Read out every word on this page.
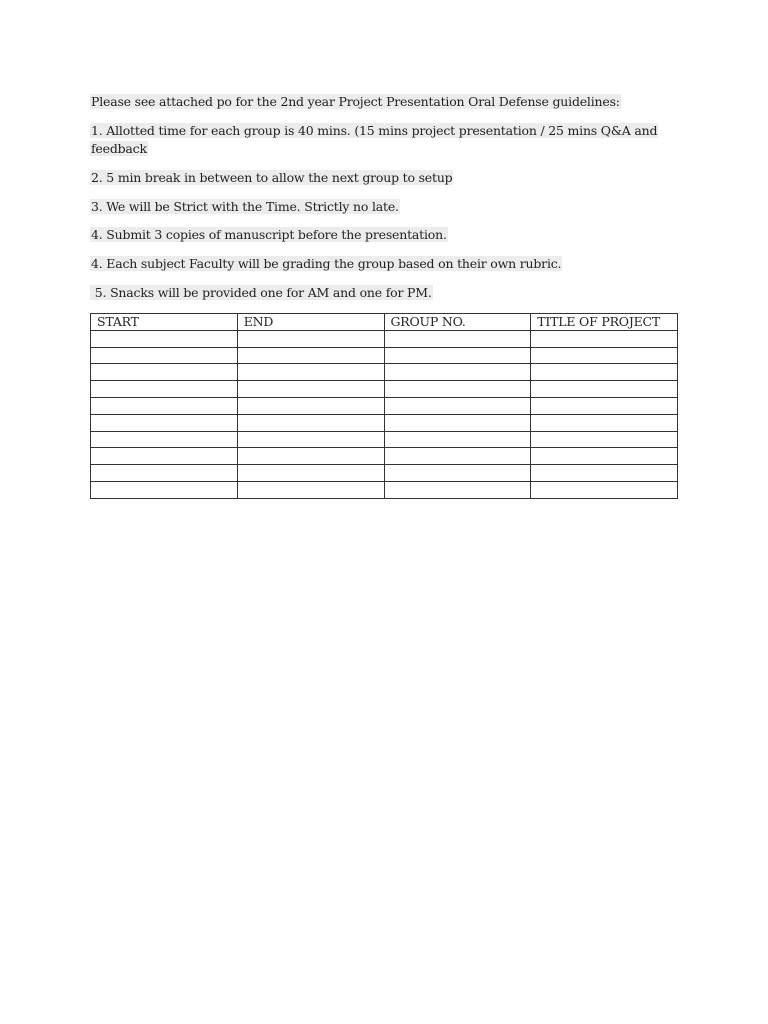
Please see attached po for the 2nd year Project Presentation Oral Defense guidelines:
1. Allotted time for each group is 40 mins. (15 mins project presentation / 25 mins Q&A and
feedback
2. 5 min break in between to allow the next group to setup
3. We will be Strict with the Time. Strictly no late.
4. Submit 3 copies of manuscript before the presentation.
4. Each subject Faculty will be grading the group based on their own rubric.
5. Snacks will be provided one for AM and one for PM.
START	END	GROUP NO.	TITLE OF PROJECT
